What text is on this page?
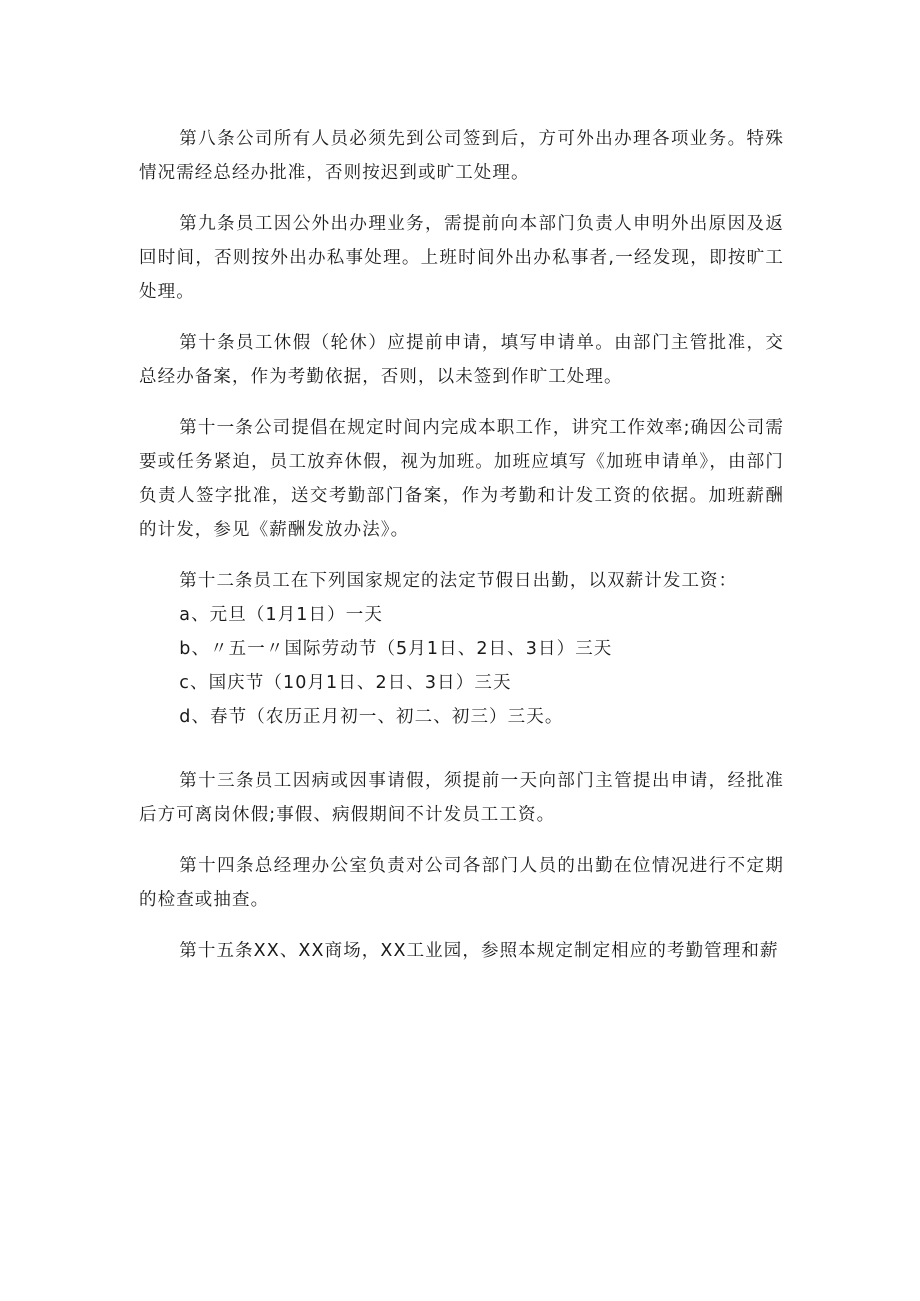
第八条公司所有人员必须先到公司签到后，方可外出办理各项业务。特殊情况需经总经办批准，否则按迟到或旷工处理。

第九条员工因公外出办理业务，需提前向本部门负责人申明外出原因及返回时间，否则按外出办私事处理。上班时间外出办私事者,一经发现，即按旷工处理。

第十条员工休假（轮休）应提前申请，填写申请单。由部门主管批准，交总经办备案，作为考勤依据，否则，以未签到作旷工处理。

第十一条公司提倡在规定时间内完成本职工作，讲究工作效率;确因公司需要或任务紧迫，员工放弃休假，视为加班。加班应填写《加班申请单》，由部门负责人签字批准，送交考勤部门备案，作为考勤和计发工资的依据。加班薪酬的计发，参见《薪酬发放办法》。

第十二条员工在下列国家规定的法定节假日出勤，以双薪计发工资：

a、元旦（1月1日）一天

b、〃五一〃国际劳动节（5月1日、2日、3日）三天

c、国庆节（10月1日、2日、3日）三天

d、春节（农历正月初一、初二、初三）三天。

第十三条员工因病或因事请假，须提前一天向部门主管提出申请，经批准后方可离岗休假;事假、病假期间不计发员工工资。

第十四条总经理办公室负责对公司各部门人员的出勤在位情况进行不定期的检查或抽查。

第十五条XX、XX商场，XX工业园，参照本规定制定相应的考勤管理和薪
